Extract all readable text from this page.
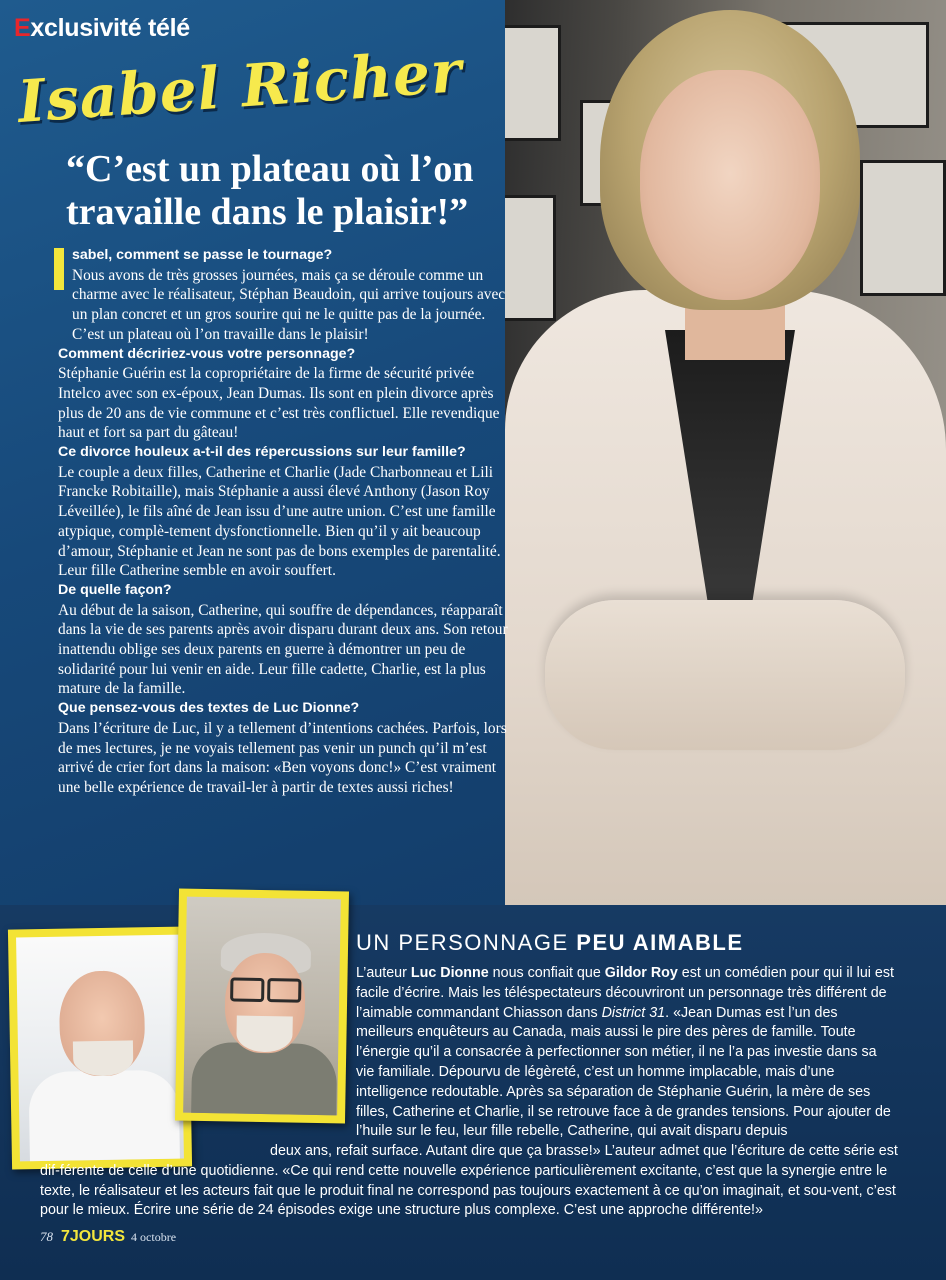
Exclusivité télé
Isabel Richer
“C’est un plateau où l’on
travaille dans le plaisir!”

sabel, comment se passe le tournage?

Nous avons de très grosses journées, mais ça se déroule comme un charme avec le réalisateur, Stéphan Beaudoin, qui arrive toujours avec un plan concret et un gros sourire qui ne le quitte pas de la journée. C’est un plateau où l’on travaille dans le plaisir!

Comment décririez-vous votre personnage?

Stéphanie Guérin est la copropriétaire de la firme de sécurité privée Intelco avec son ex-époux, Jean Dumas. Ils sont en plein divorce après plus de 20 ans de vie commune et c’est très conflictuel. Elle revendique haut et fort sa part du gâteau!

Ce divorce houleux a-t-il des répercussions sur leur famille?

Le couple a deux filles, Catherine et Charlie (Jade Charbonneau et Lili Francke Robitaille), mais Stéphanie a aussi élevé Anthony (Jason Roy Léveillée), le fils aîné de Jean issu d’une autre union. C’est une famille atypique, complè-tement dysfonctionnelle. Bien qu’il y ait beaucoup d’amour, Stéphanie et Jean ne sont pas de bons exemples de parentalité. Leur fille Catherine semble en avoir souffert.

De quelle façon?

Au début de la saison, Catherine, qui souffre de dépendances, réapparaît dans la vie de ses parents après avoir disparu durant deux ans. Son retour inattendu oblige ses deux parents en guerre à démontrer un peu de solidarité pour lui venir en aide. Leur fille cadette, Charlie, est la plus mature de la famille.

Que pensez-vous des textes de Luc Dionne?

Dans l’écriture de Luc, il y a tellement d’intentions cachées. Parfois, lors de mes lectures, je ne voyais tellement pas venir un punch qu’il m’est arrivé de crier fort dans la maison: «Ben voyons donc!» C’est vraiment une belle expérience de travail-ler à partir de textes aussi riches!

UN PERSONNAGE PEU AIMABLE

L’auteur Luc Dionne nous confiait que Gildor Roy est un comédien pour qui il lui est facile d’écrire. Mais les téléspectateurs découvriront un personnage très différent de l’aimable commandant Chiasson dans District 31. «Jean Dumas est l’un des meilleurs enquêteurs au Canada, mais aussi le pire des pères de famille. Toute l’énergie qu’il a consacrée à perfectionner son métier, il ne l’a pas investie dans sa vie familiale. Dépourvu de légèreté, c’est un homme implacable, mais d’une intelligence redoutable. Après sa séparation de Stéphanie Guérin, la mère de ses filles, Catherine et Charlie, il se retrouve face à de grandes tensions. Pour ajouter de l’huile sur le feu, leur fille rebelle, Catherine, qui avait disparu depuis

deux ans, refait surface. Autant dire que ça brasse!» L’auteur admet que l’écriture de cette série est dif-férente de celle d’une quotidienne. «Ce qui rend cette nouvelle expérience particulièrement excitante, c’est que la synergie entre le texte, le réalisateur et les acteurs fait que le produit final ne correspond pas toujours exactement à ce qu’on imaginait, et sou-vent, c’est pour le mieux. Écrire une série de 24 épisodes exige une structure plus complexe. C’est une approche différente!»

78 7JOURS 4 octobre
